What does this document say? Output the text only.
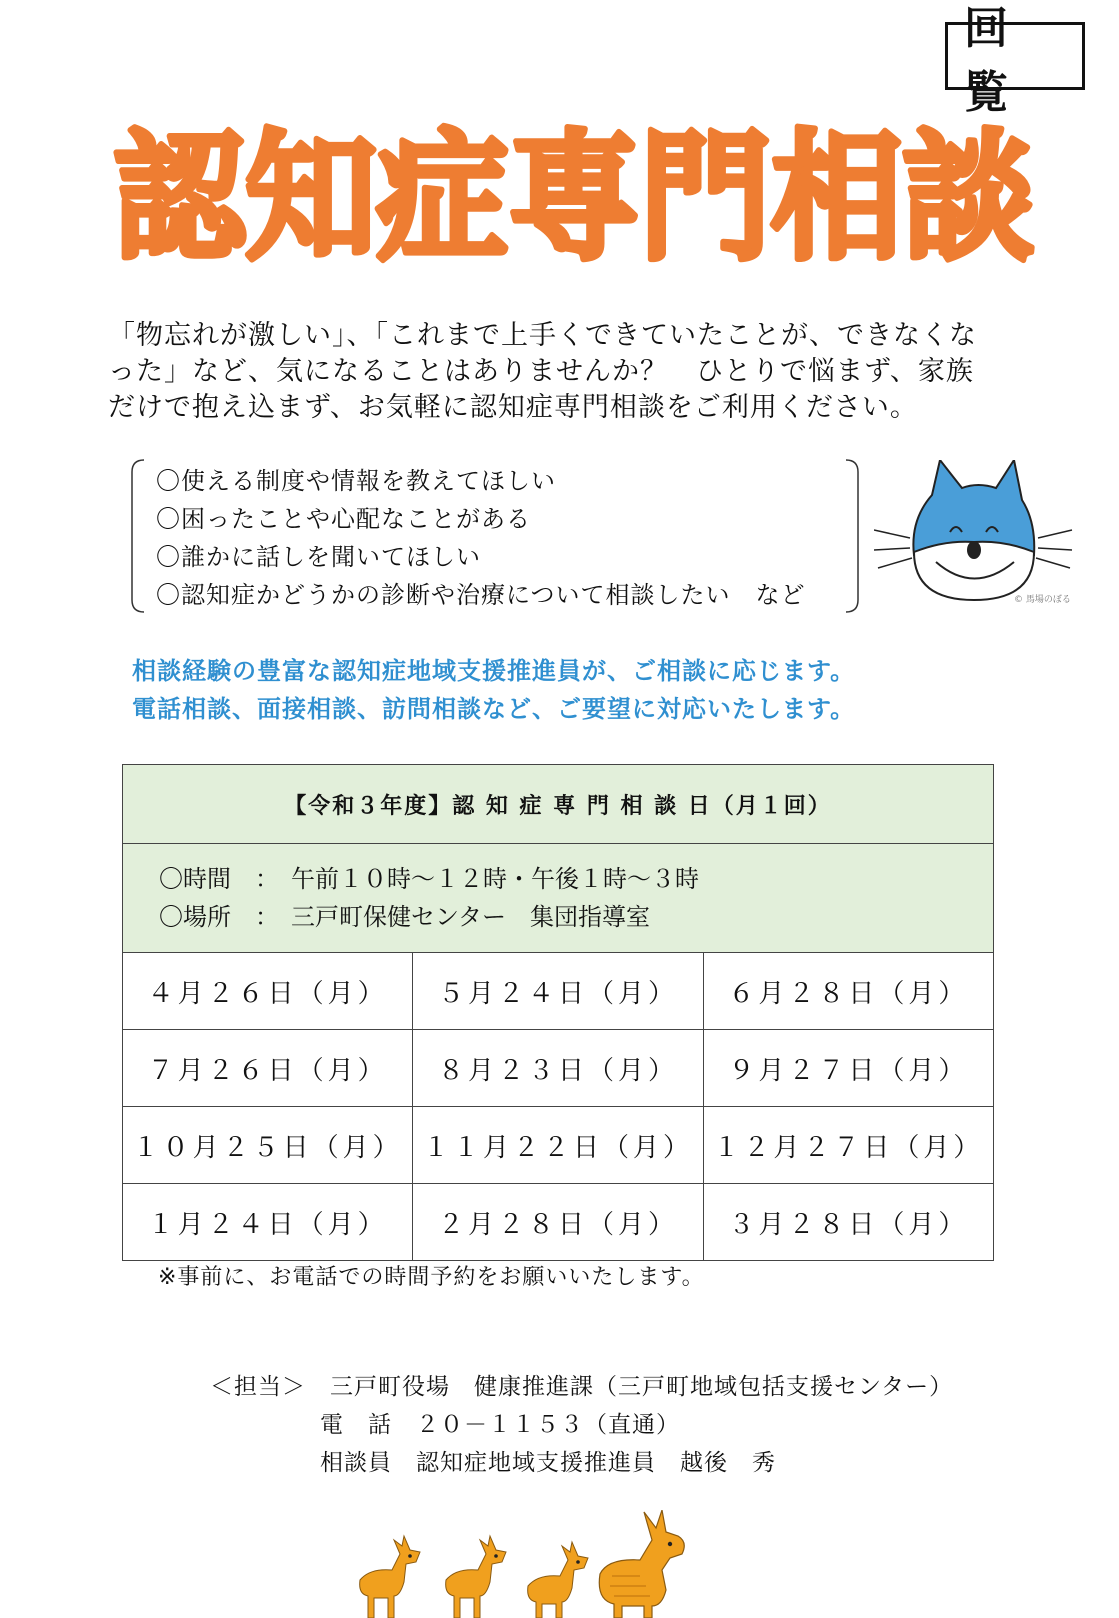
回覧
認知症専門相談

「物忘れが激しい」、「これまで上手くできていたことが、できなくな

った」など、気になることはありませんか？　ひとりで悩まず、家族

だけで抱え込まず、お気軽に認知症専門相談をご利用ください。

〇使える制度や情報を教えてほしい
〇困ったことや心配なことがある
〇誰かに話しを聞いてほしい
〇認知症かどうかの診断や治療について相談したい　など	© 馬場のぼる

相談経験の豊富な認知症地域支援推進員が、ご相談に応じます。

電話相談、面接相談、訪問相談など、ご要望に対応いたします。

【令和３年度】認 知 症 専 門 相 談 日（月１回）		

〇時間　：　午前１０時～１２時・午後１時～３時
〇場所　：　三戸町保健センター　集団指導室		

４月２６日（月）	５月２４日（月）	６月２８日（月）
７月２６日（月）	８月２３日（月）	９月２７日（月）
１０月２５日（月）	１１月２２日（月）	１２月２７日（月）
１月２４日（月）	２月２８日（月）	３月２８日（月）
※事前に、お電話での時間予約をお願いいたします。
＜担当＞　三戸町役場　健康推進課（三戸町地域包括支援センター）
電　話　２０－１１５３（直通）
相談員　認知症地域支援推進員　越後　秀
